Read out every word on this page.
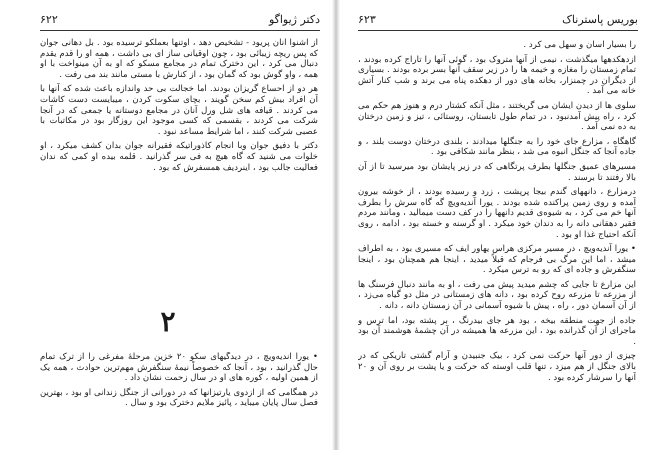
دکتر ژیواگو
۶۲۲

از اشنوا آنان پریود - تشخیص دهد ، اوتنها بعملکو ترسیده بود . بل دهانی جوان که پس ریچه زیبائی بود ، چون اوقیانی ساز ای بی داشت ، همه او را قدم یقدم دنبال می کرد ، این دخترک تمام در مجامع مسکو که او به آن مینواخت با او همه ، واو گوش بود که گمان بود ، از کنارش با مستی مانند بند می رفت .

هر دو از احساع گریزان بودند. اما خجالت بی حد واندازه باعث شده که آنها با آن افراد بیش کم سخن گویند ، بچای سکوت کردن ، میبایست دست کاشات می کردند . قیافه های شل ورل آنان در مجامع دوستانه یا جمعی که در آنجا شرکت می کردند ، بقسمی که کسی موجود این روزگار بود در مکاتبات با عصبی شرکت کنند ، اما شرایط مساعد نبود .

دکتر با دفیق جوان وبا انجام کاذوراتیکه فقیرانه جوان بدان کشف میکرد ، او خلوات می شنید که گاه هیچ به فی سر گذرانید . قلمه بیده او کمی که ندان فعالیت جالب بود ، اینردیف همسفرش که بود .

۲

• یورا آندیه‌ویچ ، در دیدگیهای سکو ۲۰ خزین مرحلهٔ مفرغی را از ترک تمام حال گذرانید ، بود ، آنجا که خصوصاً نیمهٔ سنگفرش مهم‌ترین حوادث ، همه یک از همین اولیه ، کوره های او در سال زحمت نشان داد .

در همگامی که از ازدوی یارتیزانها که در دورانی از جنگل زندانی او بود ، بهترین فصل سال پایان میباید ، پائیز ملایم دخترک بود و سال .

بوریس پاسترناک
۶۲۳

را بسیار آسان و سهل می کرد .

ازدهکدهها میگذشت ، نیمی از آنها متروک بود ، گوئی آنها را تاراج کرده بودند ، تمام زمستان را مغازه و خیمه ها را در زیر سقف آنها بسر برده بودند . بسیاری از دیگران در چمنزار، بخانه های دور از دهکده پناه می برند و شب کنار آتش خانه می آمد .

سلوی ها از دیدن ایشان می گریختند ، مثل آنکه کشتار درم و هنوز هم حکم می کرد ، راه پیش آمدنبود ، در تمام طول تابستان، روستائی ، تیز و زمین درختان به ده نمی آمد .

گاهگاه ، مزارع جای خود را به جنگلها میدادند ، بلندی درختان دوست بلند ، و جاده آنجا که جنگل انبوه می شد ، بنظر مانند شکافی بود .

مسیرهای عمیق جنگلها بطرف پرتگاهی که در زیر پایشان بود میرسید تا از آن بالا رفتند تا برسند .

درمزارع ، دانههای گندم بیجا پرپشت ، زرد و رسیده بودند ، از خوشه بیرون آمده و روی زمین پراکنده شده بودند . یورا آندیه‌ویچ گه گاه سرش را بطرف آنها خم می کرد ، به شیوه‌ی قدیم دانهها را در کف دست میمالید ، ومانند مردم فقیر دهقانی دانه را به دندان خود میکرد . او گرسنه و خسته بود ، ادامه ، روی آنکه احتیاج غذا او بود .

• یورا آندیه‌ویچ ، در مسیر مرکزی هراس یهاور ایف که مسیری بود ، به اطراف میشد ، اما این مرگ بی فرجام که قبلاً میدید ، اینجا هم همچنان بود ، اینجا سنگفرش و جاده ای که رو به ترس میکرد .

این مزارع تا جایی که چشم میدید پیش می رفت ، او به مانند دنبال فرسنگ ها از مزرعه تا مزرعه روح کرده بود ، دانه های زمستانی در مثل دو گیاه می‌زد ، از آن آسمان دور ، راه ، پیش با شیوه آسمانی در آن زمستان دانه ، دانه .

جاده از جهت منطقه بیخه ، بود هر جای بیدرنگ ، بر پشته بود، اما ترس و ماجرای از آن گذرانده بود ، این مزرعه ها همیشه در آن چشمهٔ هوشمند آن بود .

چیزی از دور آنها حرکت نمی کرد ، بیک جنبیدن و آرام گشتی تاریکی که در بالای جنگل از هم میزد ، تنها قلب اوسته که حرکت و یا پشت بر روی آن و ۲۰ آنها را سرشار کرده بود .
